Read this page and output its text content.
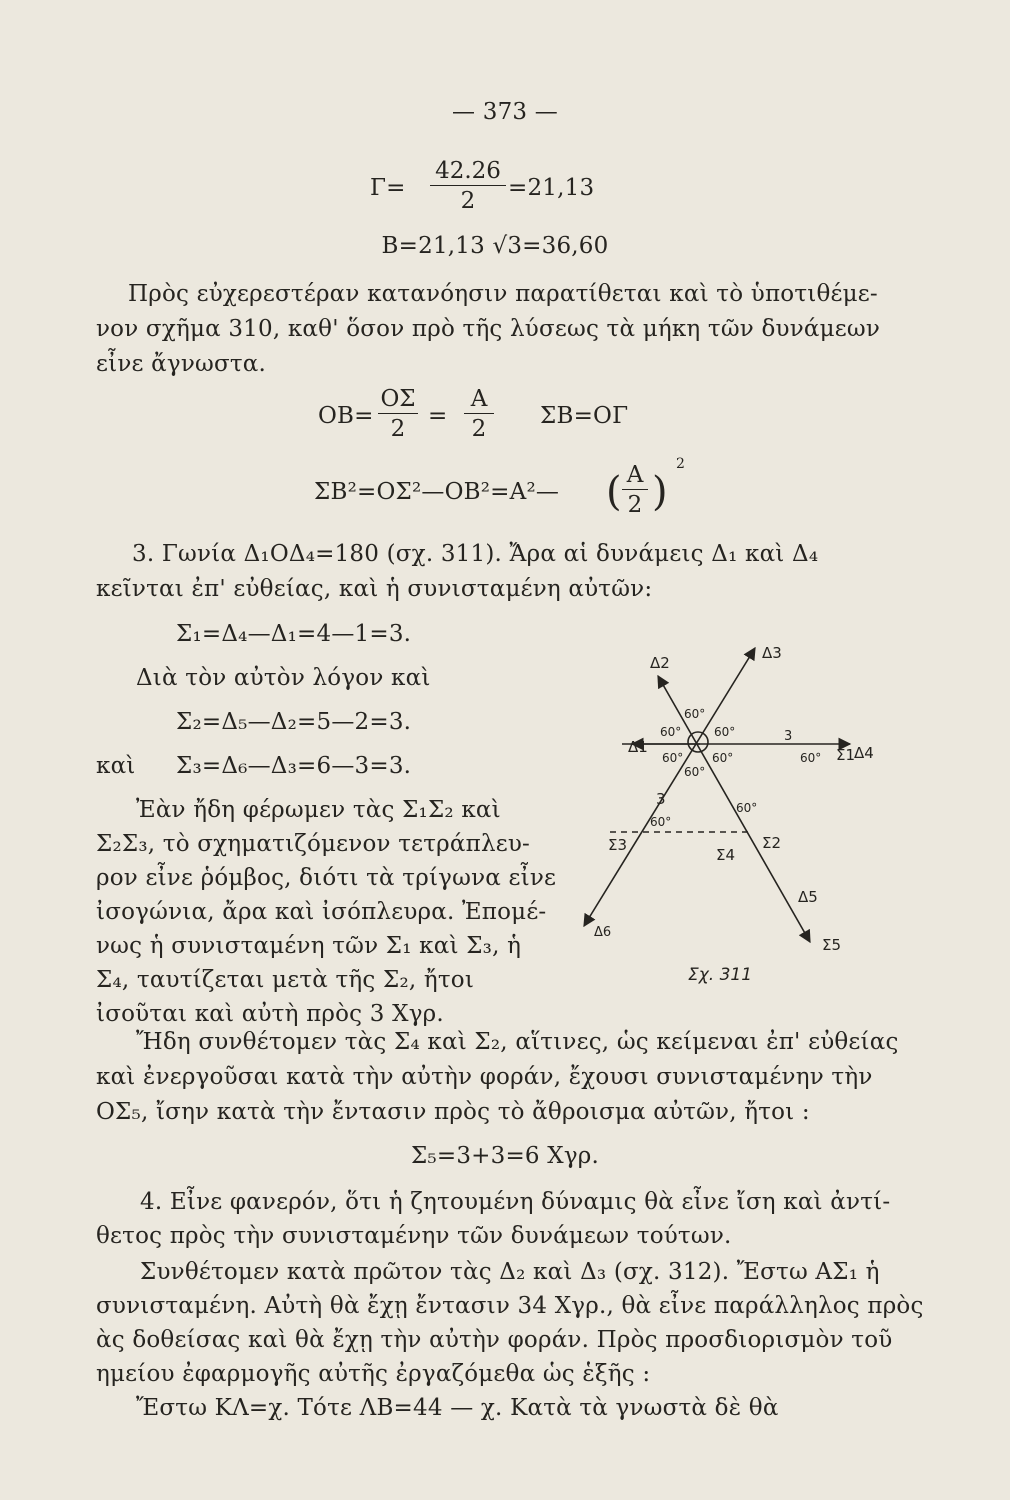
— 373 —
Γ=
42.26
2	=21,13
B=21,13 √3=36,60
Πρὸς εὐχερεστέραν κατανόησιν παρατίθεται καὶ τὸ ὑποτιθέμε-
νον σχῆμα 310, καθ' ὅσον πρὸ τῆς λύσεως τὰ μήκη τῶν δυνάμεων
εἶνε ἄγνωστα.
OB=
OΣ
2 =
A
2	ΣB=OΓ
ΣB²=OΣ²—OB²=A²— ( A
2 )
2
3. Γωνία Δ₁OΔ₄=180 (σχ. 311). Ἄρα αἱ δυνάμεις Δ₁ καὶ Δ₄
κεῖνται ἐπ' εὐθείας, καὶ ἡ συνισταμένη αὐτῶν:
Σ₁=Δ₄—Δ₁=4—1=3.
Διὰ τὸν αὐτὸν λόγον καὶ
Σ₂=Δ₅—Δ₂=5—2=3.
καὶ Σ₃=Δ₆—Δ₃=6—3=3.
Ἐὰν ἤδη φέρωμεν τὰς Σ₁Σ₂ καὶ
Σ₂Σ₃, τὸ σχηματιζόμενον τετράπλευ-
ρον εἶνε ῥόμβος, διότι τὰ τρίγωνα εἶνε
ἰσογώνια, ἄρα καὶ ἰσόπλευρα. Ἐπομέ-
νως ἡ συνισταμένη τῶν Σ₁ καὶ Σ₃, ἡ
Σ₄, ταυτίζεται μετὰ τῆς Σ₂, ἤτοι
ἰσοῦται καὶ αὐτὴ πρὸς 3 Χγρ.
Δ2
Δ3
Δ1	Δ4
Σ1
Σ2
Σ3
Σ4
Δ5
Σ5
Δ6
3
3
60°
60°	60°
60° 60°
60°
60°
60°
60°
Σχ. 311
Ἤδη συνθέτομεν τὰς Σ₄ καὶ Σ₂, αἵτινες, ὡς κείμεναι ἐπ' εὐθείας
καὶ ἐνεργοῦσαι κατὰ τὴν αὐτὴν φοράν, ἔχουσι συνισταμένην τὴν
OΣ₅, ἴσην κατὰ τὴν ἔντασιν πρὸς τὸ ἄθροισμα αὐτῶν, ἤτοι :
Σ₅=3+3=6 Χγρ.
4. Εἶνε φανερόν, ὅτι ἡ ζητουμένη δύναμις θὰ εἶνε ἴση καὶ ἀντί-
θετος πρὸς τὴν συνισταμένην τῶν δυνάμεων τούτων.
Συνθέτομεν κατὰ πρῶτον τὰς Δ₂ καὶ Δ₃ (σχ. 312). Ἔστω AΣ₁ ἡ
συνισταμένη. Αὐτὴ θὰ ἔχῃ ἔντασιν 34 Χγρ., θὰ εἶνε παράλληλος πρὸς
ὰς δοθείσας καὶ θὰ ἔχῃ τὴν αὐτὴν φοράν. Πρὸς προσδιορισμὸν τοῦ
ημείου ἐφαρμογῆς αὐτῆς ἐργαζόμεθα ὡς ἑξῆς :
Ἔστω KΛ=χ. Τότε ΛB=44 — χ. Κατὰ τὰ γνωστὰ δὲ θὰ
